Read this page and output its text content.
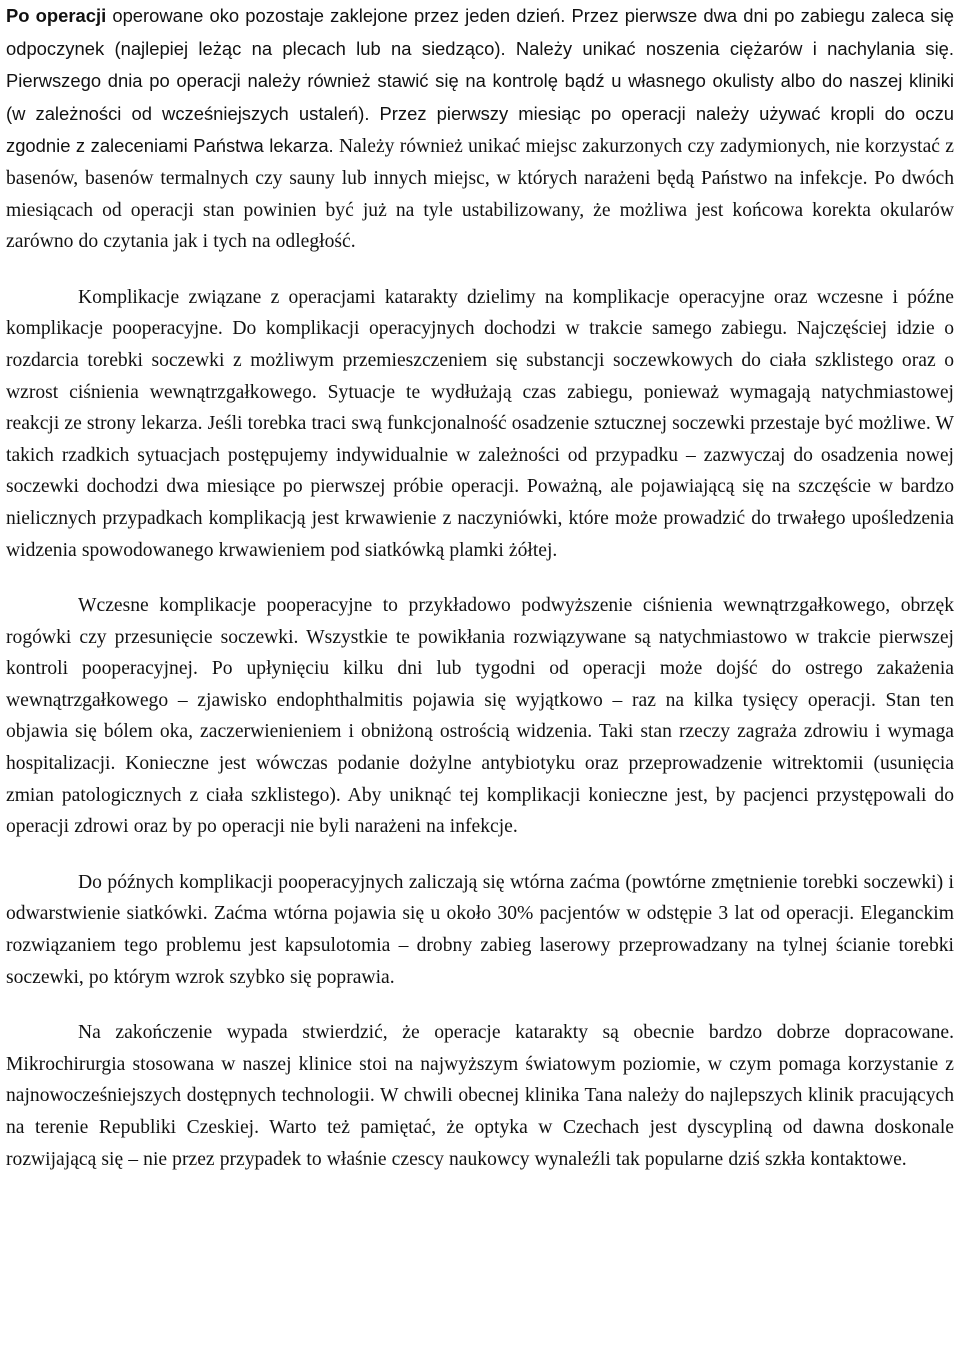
Po operacji operowane oko pozostaje zaklejone przez jeden dzień. Przez pierwsze dwa dni po zabiegu zaleca się odpoczynek (najlepiej leżąc na plecach lub na siedząco). Należy unikać noszenia ciężarów i nachylania się. Pierwszego dnia po operacji należy również stawić się na kontrolę bądź u własnego okulisty albo do naszej kliniki (w zależności od wcześniejszych ustaleń). Przez pierwszy miesiąc po operacji należy używać kropli do oczu zgodnie z zaleceniami Państwa lekarza. Należy również unikać miejsc zakurzonych czy zadymionych, nie korzystać z basenów, basenów termalnych czy sauny lub innych miejsc, w których narażeni będą Państwo na infekcje. Po dwóch miesiącach od operacji stan powinien być już na tyle ustabilizowany, że możliwa jest końcowa korekta okularów zarówno do czytania jak i tych na odległość.

Komplikacje związane z operacjami katarakty dzielimy na komplikacje operacyjne oraz wczesne i późne komplikacje pooperacyjne. Do komplikacji operacyjnych dochodzi w trakcie samego zabiegu. Najczęściej idzie o rozdarcia torebki soczewki z możliwym przemieszczeniem się substancji soczewkowych do ciała szklistego oraz o wzrost ciśnienia wewnątrzgałkowego. Sytuacje te wydłużają czas zabiegu, ponieważ wymagają natychmiastowej reakcji ze strony lekarza. Jeśli torebka traci swą funkcjonalność osadzenie sztucznej soczewki przestaje być możliwe. W takich rzadkich sytuacjach postępujemy indywidualnie w zależności od przypadku – zazwyczaj do osadzenia nowej soczewki dochodzi dwa miesiące po pierwszej próbie operacji. Poważną, ale pojawiającą się na szczęście w bardzo nielicznych przypadkach komplikacją jest krwawienie z naczyniówki, które może prowadzić do trwałego upośledzenia widzenia spowodowanego krwawieniem pod siatkówką plamki żółtej.

Wczesne komplikacje pooperacyjne to przykładowo podwyższenie ciśnienia wewnątrzgałkowego, obrzęk rogówki czy przesunięcie soczewki. Wszystkie te powikłania rozwiązywane są natychmiastowo w trakcie pierwszej kontroli pooperacyjnej. Po upłynięciu kilku dni lub tygodni od operacji może dojść do ostrego zakażenia wewnątrzgałkowego – zjawisko endophthalmitis pojawia się wyjątkowo – raz na kilka tysięcy operacji. Stan ten objawia się bólem oka, zaczerwienieniem i obniżoną ostrością widzenia. Taki stan rzeczy zagraża zdrowiu i wymaga hospitalizacji. Konieczne jest wówczas podanie dożylne antybiotyku oraz przeprowadzenie witrektomii (usunięcia zmian patologicznych z ciała szklistego). Aby uniknąć tej komplikacji konieczne jest, by pacjenci przystępowali do operacji zdrowi oraz by po operacji nie byli narażeni na infekcje.

Do późnych komplikacji pooperacyjnych zaliczają się wtórna zaćma (powtórne zmętnienie torebki soczewki) i odwarstwienie siatkówki. Zaćma wtórna pojawia się u około 30% pacjentów w odstępie 3 lat od operacji. Eleganckim rozwiązaniem tego problemu jest kapsulotomia – drobny zabieg laserowy przeprowadzany na tylnej ścianie torebki soczewki, po którym wzrok szybko się poprawia.

Na zakończenie wypada stwierdzić, że operacje katarakty są obecnie bardzo dobrze dopracowane. Mikrochirurgia stosowana w naszej klinice stoi na najwyższym światowym poziomie, w czym pomaga korzystanie z najnowocześniejszych dostępnych technologii. W chwili obecnej klinika Tana należy do najlepszych klinik pracujących na terenie Republiki Czeskiej. Warto też pamiętać, że optyka w Czechach jest dyscypliną od dawna doskonale rozwijającą się – nie przez przypadek to właśnie czescy naukowcy wynaleźli tak popularne dziś szkła kontaktowe.
